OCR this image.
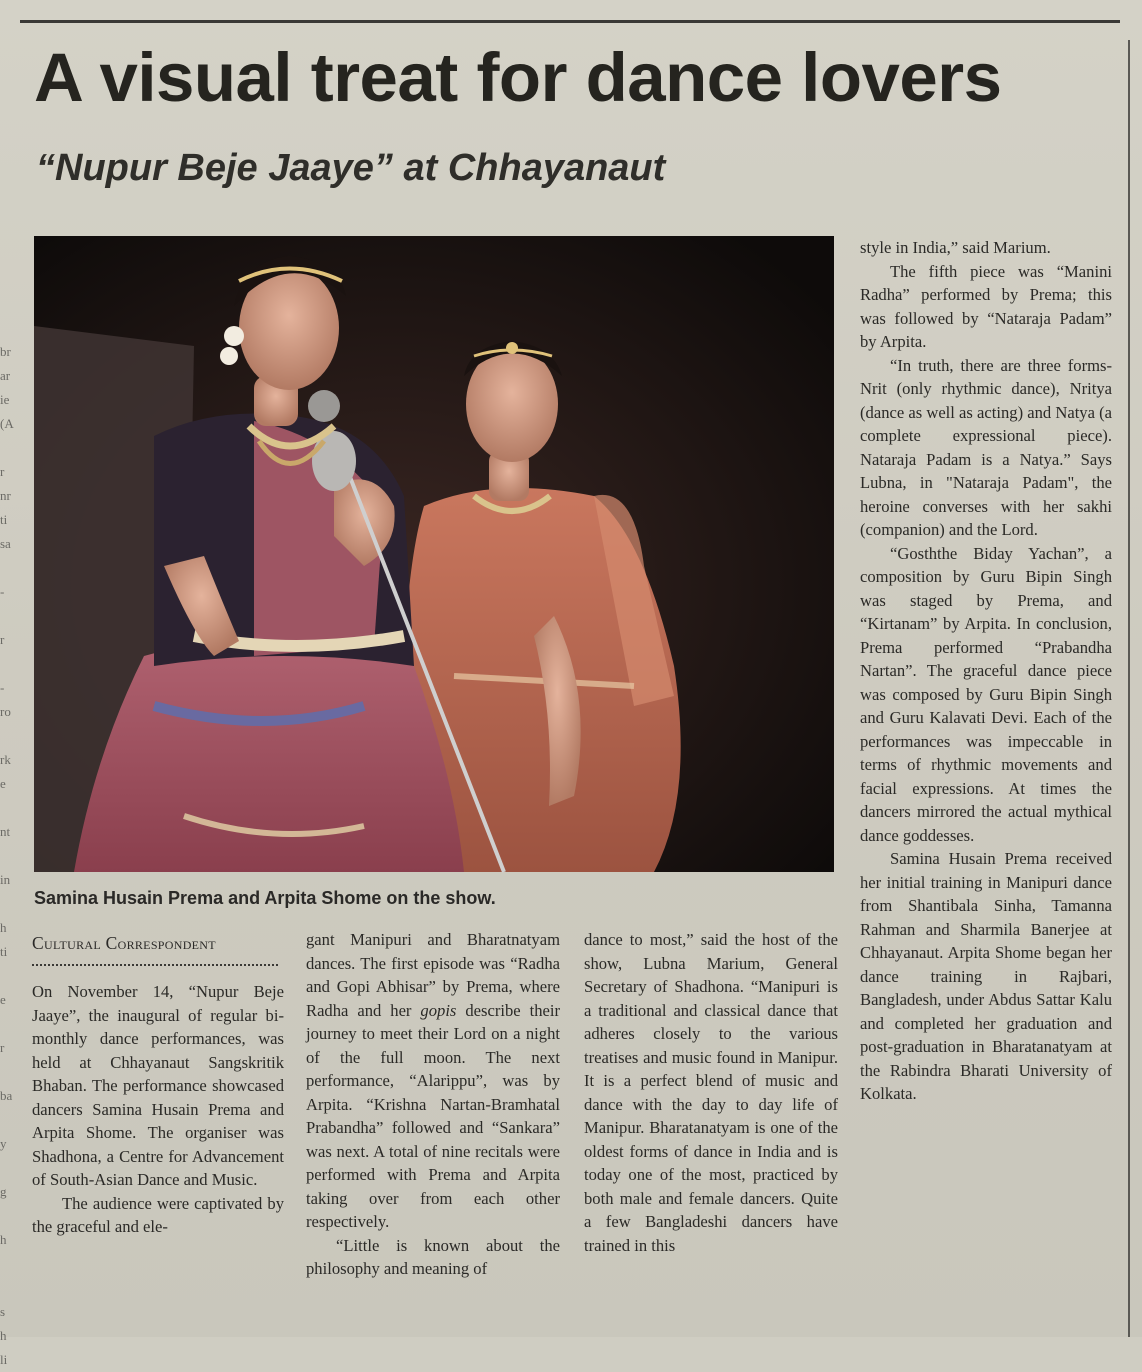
br
ar
ie
(A

r
nr
ti
sa

-

r

-
ro

rk
e

nt

in

h
ti

e

r

ba

y

g

h

s
h
li
A visual treat for dance lovers
“Nupur Beje Jaaye” at Chhayanaut
Samina Husain Prema and Arpita Shome on the show.
Cultural Correspondent

On November 14, “Nupur Beje Jaaye”, the inaugural of regular bi-monthly dance performances, was held at Chhayanaut Sangskritik Bhaban. The performance showcased dancers Samina Husain Prema and Arpita Shome. The organiser was Shadhona, a Centre for Advancement of South-Asian Dance and Music.

The audience were captivated by the graceful and ele-

gant Manipuri and Bharatnatyam dances. The first episode was “Radha and Gopi Abhisar” by Prema, where Radha and her gopis describe their journey to meet their Lord on a night of the full moon. The next performance, “Alarippu”, was by Arpita. “Krishna Nartan-Bramhatal Prabandha” followed and “Sankara” was next. A total of nine recitals were performed with Prema and Arpita taking over from each other respectively.

“Little is known about the philosophy and meaning of

dance to most,” said the host of the show, Lubna Marium, General Secretary of Shadhona. “Manipuri is a traditional and classical dance that adheres closely to the various treatises and music found in Manipur. It is a perfect blend of music and dance with the day to day life of Manipur. Bharatanatyam is one of the oldest forms of dance in India and is today one of the most, practiced by both male and female dancers. Quite a few Bangladeshi dancers have trained in this

style in India,” said Marium.

The fifth piece was “Manini Radha” performed by Prema; this was followed by “Nataraja Padam” by Arpita.

“In truth, there are three forms-Nrit (only rhythmic dance), Nritya (dance as well as acting) and Natya (a complete expressional piece). Nataraja Padam is a Natya.” Says Lubna, in "Nataraja Padam", the heroine converses with her sakhi (companion) and the Lord.

“Gosththe Biday Yachan”, a composition by Guru Bipin Singh was staged by Prema, and “Kirtanam” by Arpita. In conclusion, Prema performed “Prabandha Nartan”. The graceful dance piece was composed by Guru Bipin Singh and Guru Kalavati Devi. Each of the performances was impeccable in terms of rhythmic movements and facial expressions. At times the dancers mirrored the actual mythical dance goddesses.

Samina Husain Prema received her initial training in Manipuri dance from Shantibala Sinha, Tamanna Rahman and Sharmila Banerjee at Chhayanaut. Arpita Shome began her dance training in Rajbari, Bangladesh, under Abdus Sattar Kalu and completed her graduation and post-graduation in Bharatanatyam at the Rabindra Bharati University of Kolkata.
